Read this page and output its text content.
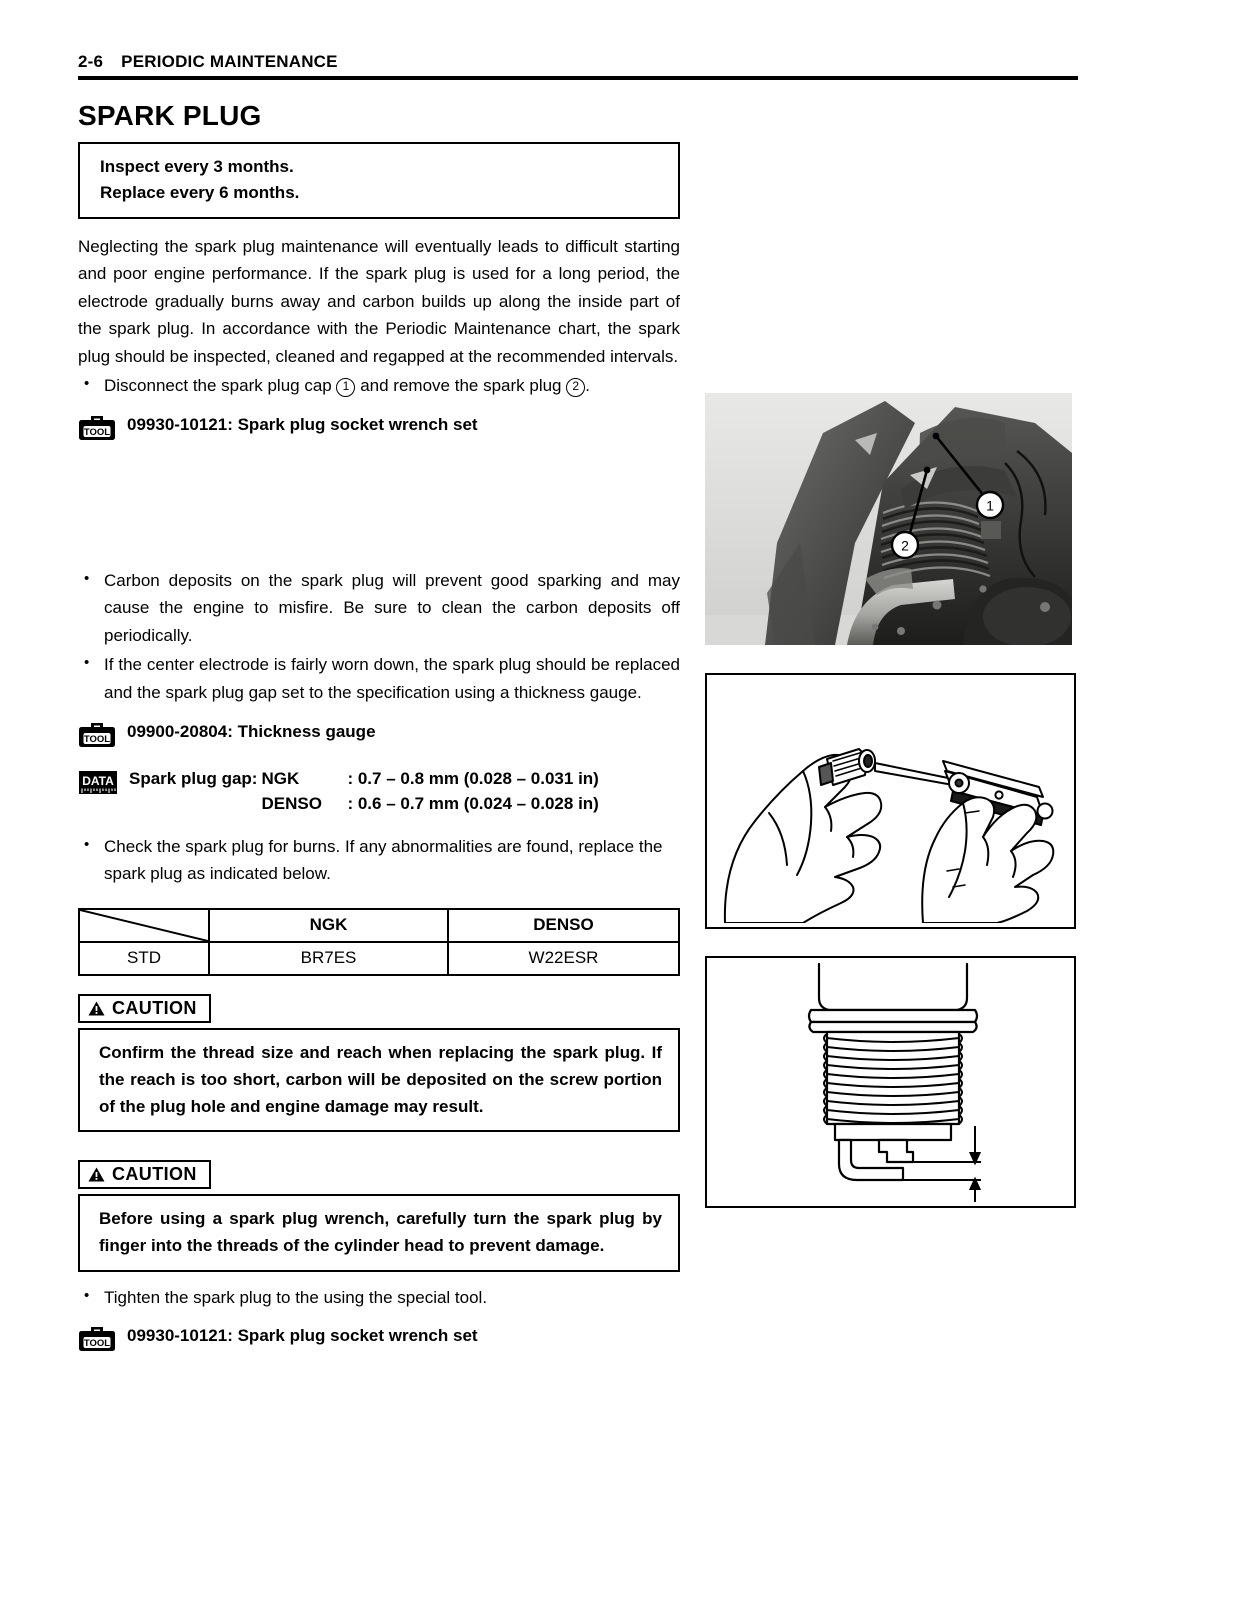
2-6 PERIODIC MAINTENANCE
SPARK PLUG
Inspect every 3 months.
Replace every 6 months.

Neglecting the spark plug maintenance will eventually leads to difficult starting and poor engine performance. If the spark plug is used for a long period, the electrode gradually burns away and carbon builds up along the inside part of the spark plug. In accordance with the Periodic Maintenance chart, the spark plug should be inspected, cleaned and regapped at the recommended intervals.

• Disconnect the spark plug cap 1 and remove the spark plug 2 .
TOOL 09930-10121: Spark plug socket wrench set
• Carbon deposits on the spark plug will prevent good sparking and may cause the engine to misfire. Be sure to clean the carbon deposits off periodically.
• If the center electrode is fairly worn down, the spark plug should be replaced and the spark plug gap set to the specification using a thickness gauge.
TOOL 09900-20804: Thickness gauge
DATA Spark plug gap: NGK	: 0.7 – 0.8 mm (0.028 – 0.031 in)
DENSO	: 0.6 – 0.7 mm (0.024 – 0.028 in)
• Check the spark plug for burns. If any abnormalities are found, replace the spark plug as indicated below.
	NGK	DENSO
STD	BR7ES	W22ESR
CAUTION

Confirm the thread size and reach when replacing the spark plug. If the reach is too short, carbon will be deposited on the screw portion of the plug hole and engine damage may result.

CAUTION

Before using a spark plug wrench, carefully turn the spark plug by finger into the threads of the cylinder head to prevent damage.

• Tighten the spark plug to the using the special tool.
TOOL 09930-10121: Spark plug socket wrench set
1
2
